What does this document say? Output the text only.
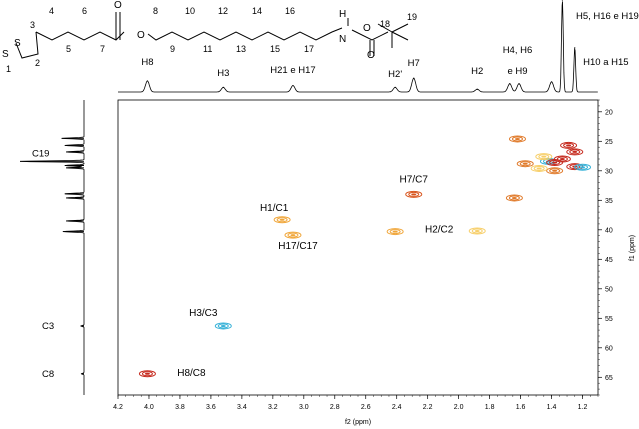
S
S
O
O	N
H
O
O
1
2
3
4
5
6
7
8
9
10
11
12
13
14
15
16
17
18
19
4.2	4.0	3.8	3.6	3.4	3.2	3.0	2.8	2.6	2.4	2.2	2.0	1.8	1.6	1.4	1.2
20
25
30
35
40
45
50
55
60
65
f2 (ppm)
f1 (ppm)
H8
H3	H21 e H17	H2'
H7
H2
H4, H6
e H9
H5, H16 e H19
H10 a H15
C19
C3
C8
H1/C1
H17/C17
H7/C7
H2/C2
H3/C3
H8/C8
